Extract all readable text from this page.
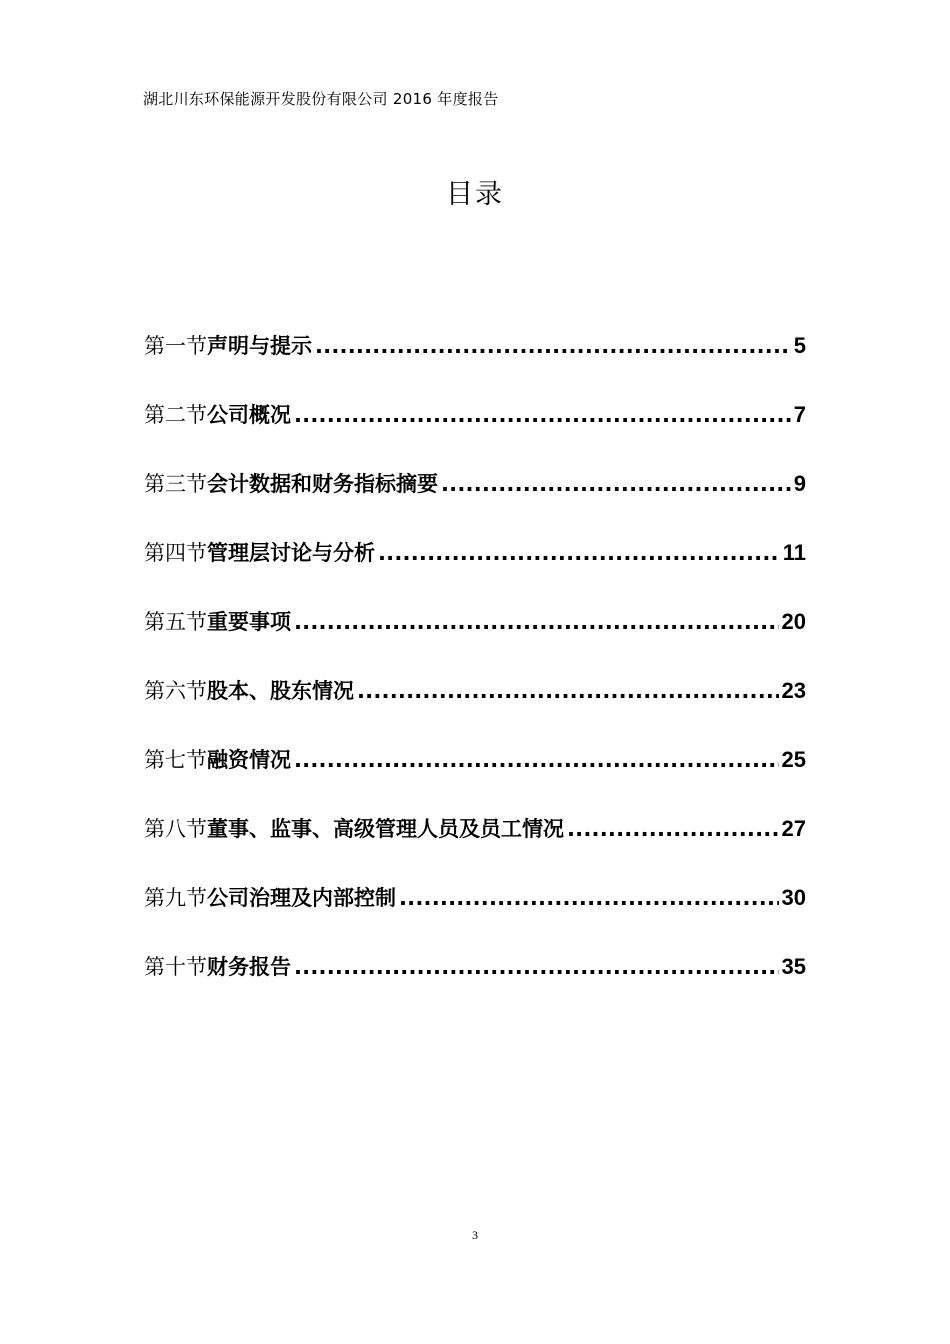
湖北川东环保能源开发股份有限公司 2016 年度报告
目录
第一节 声明与提示 .....	5
第二节 公司概况 .....	7
第三节 会计数据和财务指标摘要 .....	9
第四节 管理层讨论与分析 .....	11
第五节 重要事项 .....	20
第六节 股本、股东情况 .....	23
第七节 融资情况 .....	25
第八节 董事、监事、高级管理人员及员工情况 .....	27
第九节 公司治理及内部控制 .....	30
第十节 财务报告 .....	35
3
